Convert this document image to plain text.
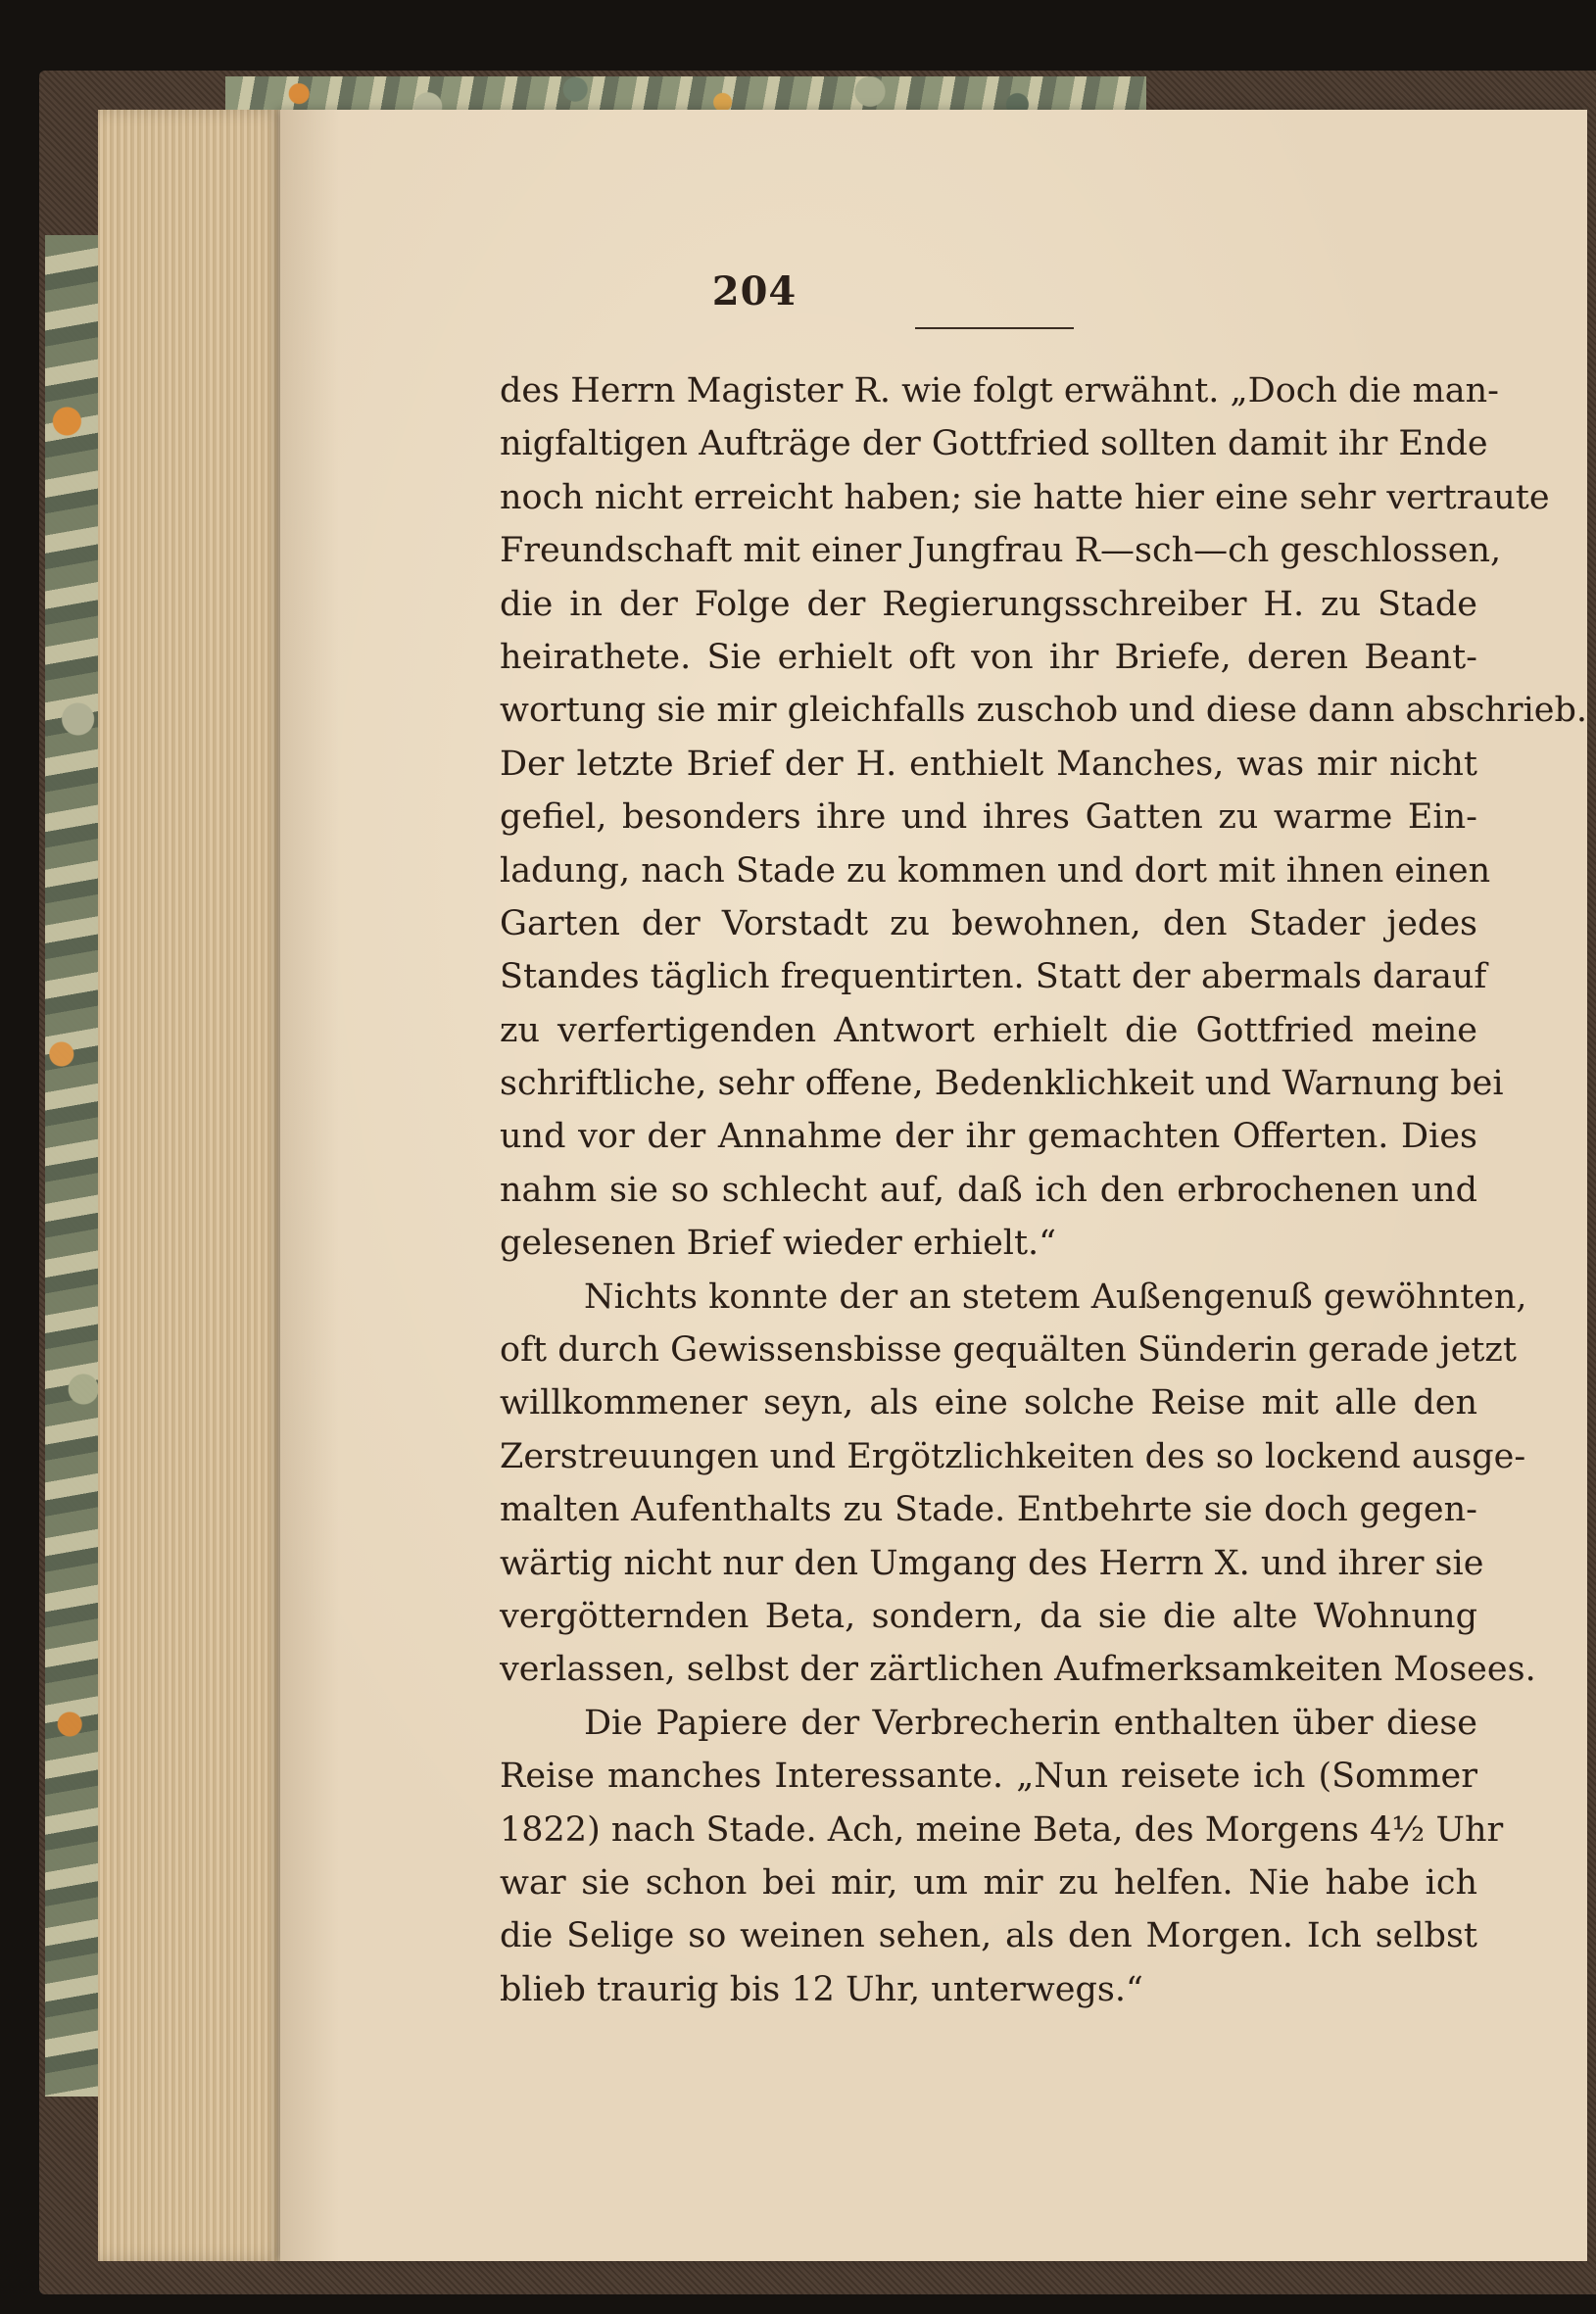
204
des Herrn Magister R. wie folgt erwähnt. „Doch die man-
nigfaltigen Aufträge der Gottfried sollten damit ihr Ende
noch nicht erreicht haben; sie hatte hier eine sehr vertraute
Freundschaft mit einer Jungfrau R—sch—ch geschlossen,
die in der Folge der Regierungsschreiber H. zu Stade
heirathete. Sie erhielt oft von ihr Briefe, deren Beant-
wortung sie mir gleichfalls zuschob und diese dann abschrieb.
Der letzte Brief der H. enthielt Manches, was mir nicht
gefiel, besonders ihre und ihres Gatten zu warme Ein-
ladung, nach Stade zu kommen und dort mit ihnen einen
Garten der Vorstadt zu bewohnen, den Stader jedes
Standes täglich frequentirten. Statt der abermals darauf
zu verfertigenden Antwort erhielt die Gottfried meine
schriftliche, sehr offene, Bedenklichkeit und Warnung bei
und vor der Annahme der ihr gemachten Offerten. Dies
nahm sie so schlecht auf, daß ich den erbrochenen und
gelesenen Brief wieder erhielt.“
Nichts konnte der an stetem Außengenuß gewöhnten,
oft durch Gewissensbisse gequälten Sünderin gerade jetzt
willkommener seyn, als eine solche Reise mit alle den
Zerstreuungen und Ergötzlichkeiten des so lockend ausge-
malten Aufenthalts zu Stade. Entbehrte sie doch gegen-
wärtig nicht nur den Umgang des Herrn X. und ihrer sie
vergötternden Beta, sondern, da sie die alte Wohnung
verlassen, selbst der zärtlichen Aufmerksamkeiten Mosees.
Die Papiere der Verbrecherin enthalten über diese
Reise manches Interessante. „Nun reisete ich (Sommer
1822) nach Stade. Ach, meine Beta, des Morgens 4½ Uhr
war sie schon bei mir, um mir zu helfen. Nie habe ich
die Selige so weinen sehen, als den Morgen. Ich selbst
blieb traurig bis 12 Uhr, unterwegs.“
